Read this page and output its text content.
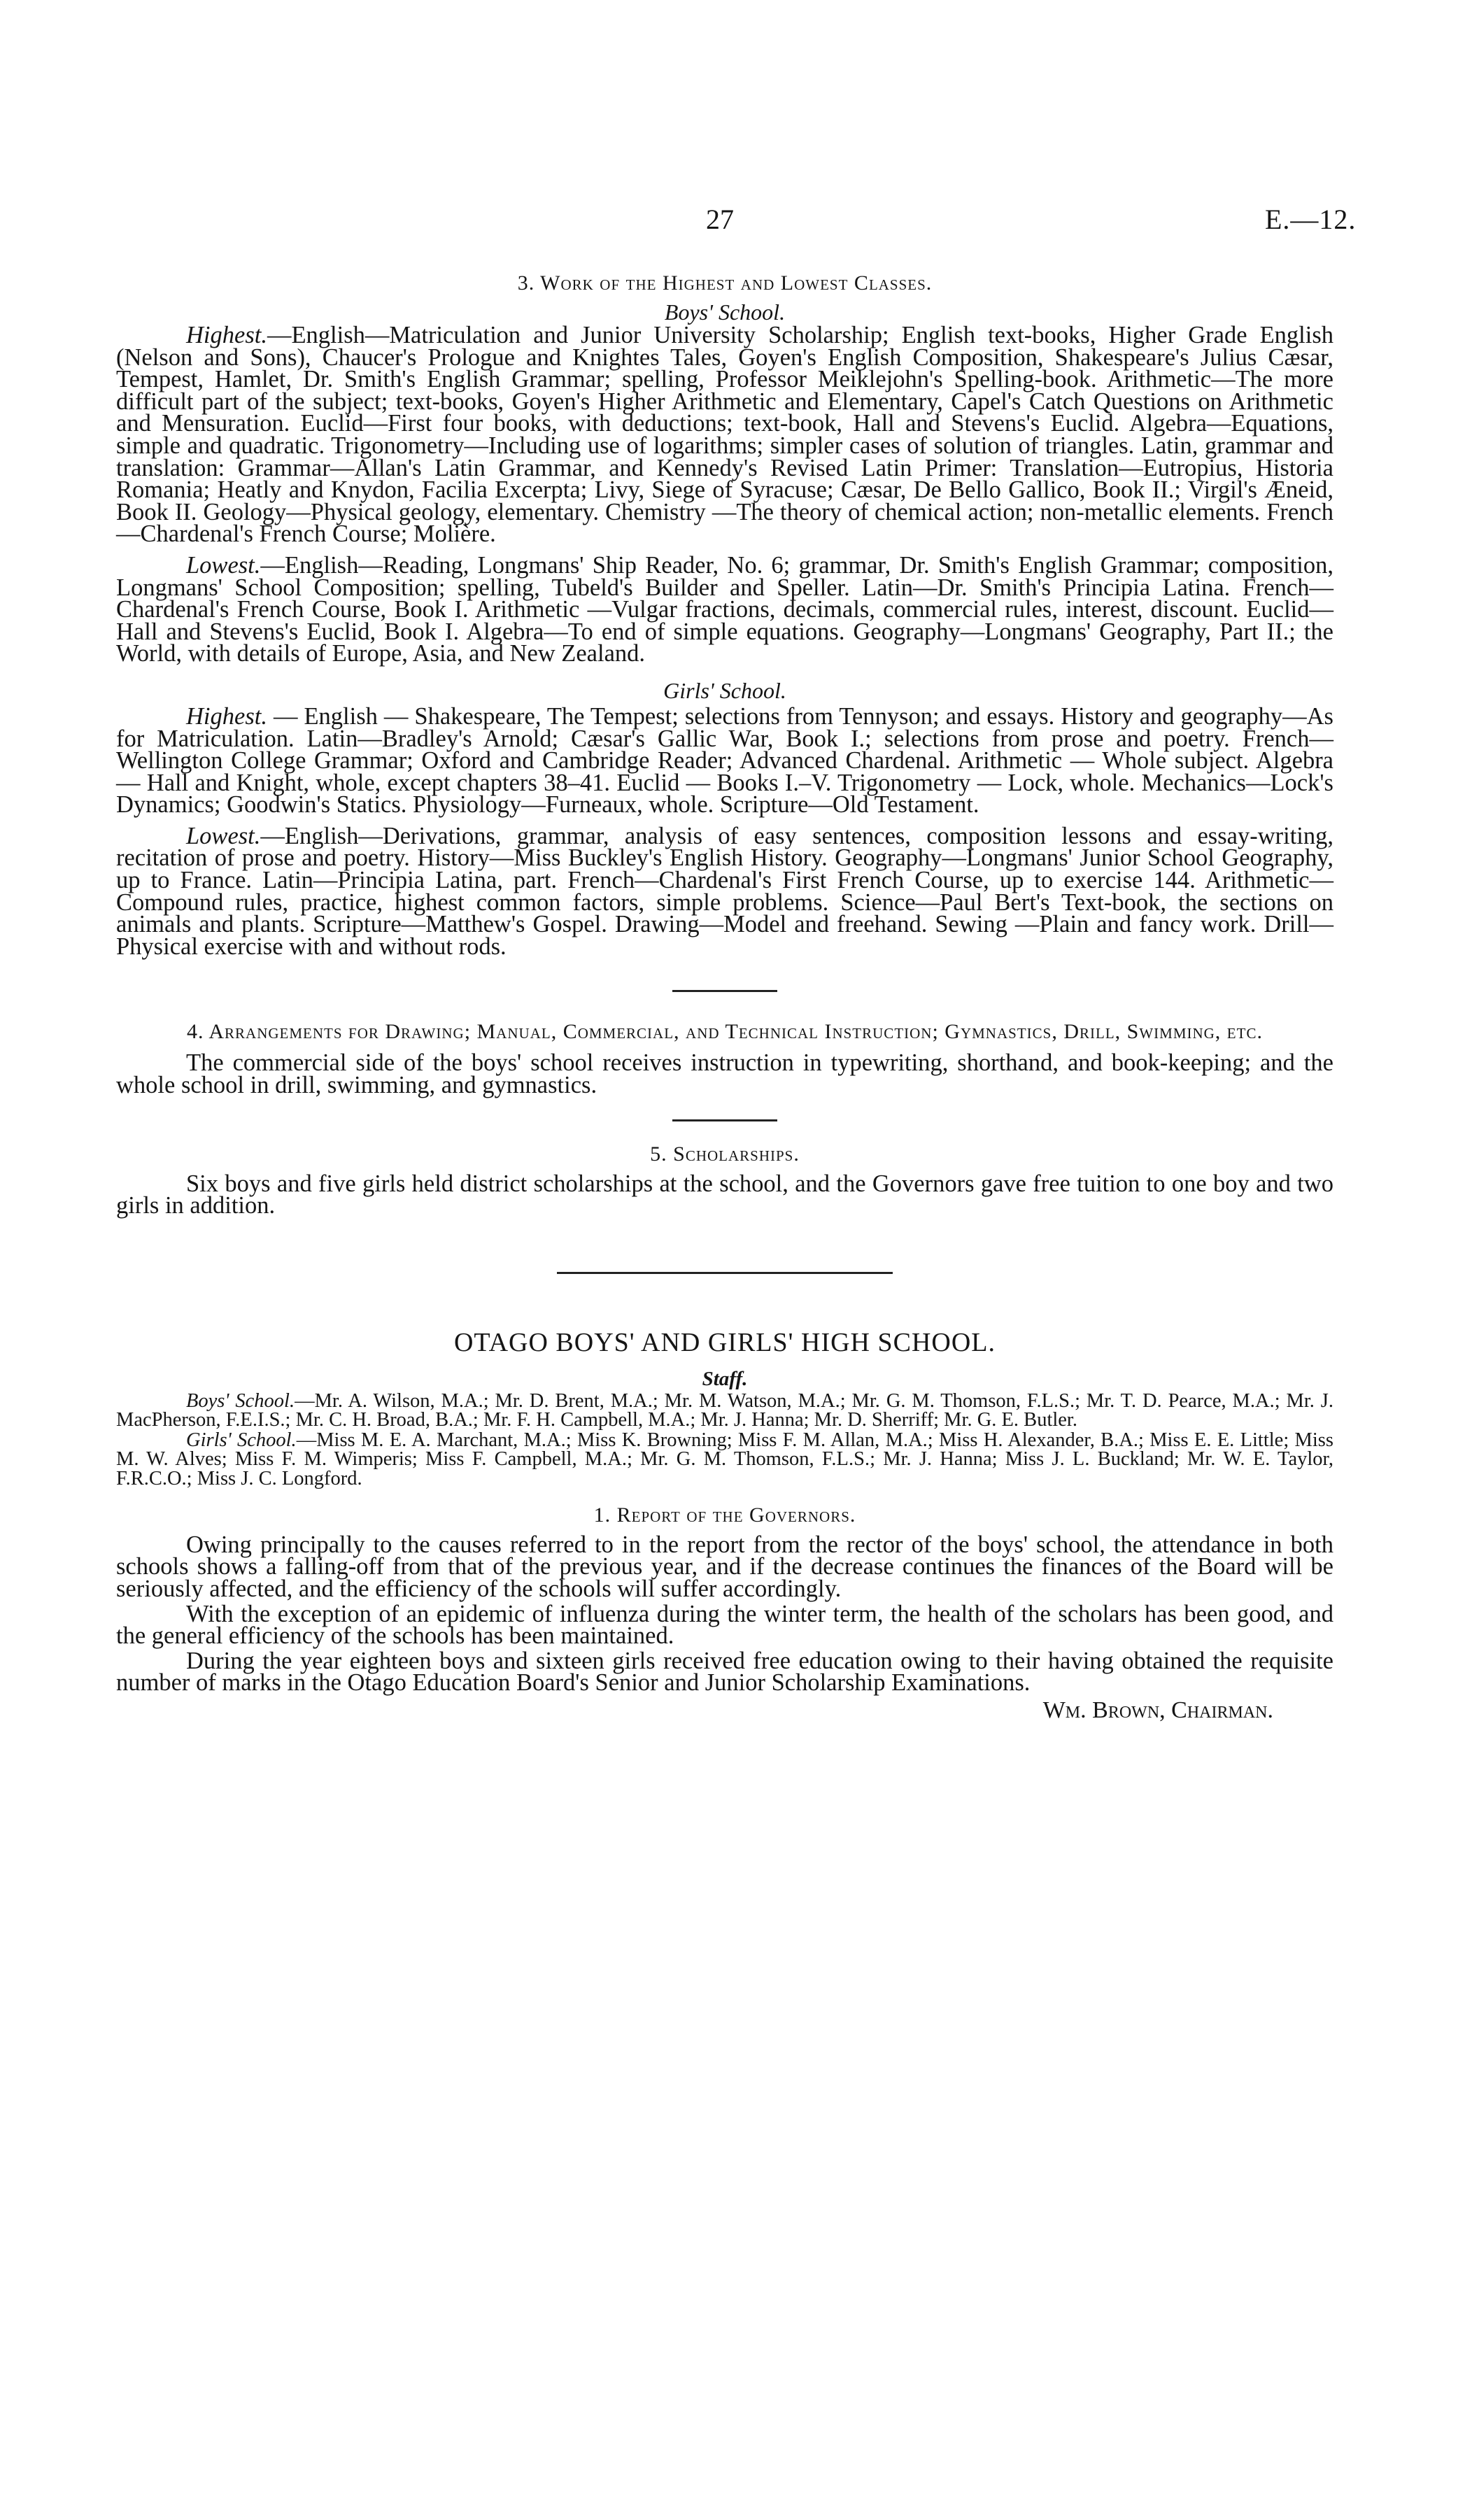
27	E.—12.
3. Work of the Highest and Lowest Classes.
Boys' School.

Highest.—English—Matriculation and Junior University Scholarship; English text-books, Higher Grade English (Nelson and Sons), Chaucer's Prologue and Knightes Tales, Goyen's English Composition, Shakespeare's Julius Cæsar, Tempest, Hamlet, Dr. Smith's English Grammar; spelling, Professor Meiklejohn's Spelling-book. Arithmetic—The more difficult part of the subject; text-books, Goyen's Higher Arithmetic and Elementary, Capel's Catch Questions on Arithmetic and Mensuration. Euclid—First four books, with deductions; text-book, Hall and Stevens's Euclid. Algebra—Equations, simple and quadratic. Trigonometry—Including use of logarithms; simpler cases of solution of triangles. Latin, grammar and translation: Grammar—Allan's Latin Grammar, and Kennedy's Revised Latin Primer: Translation—Eutropius, Historia Romania; Heatly and Knydon, Facilia Excerpta; Livy, Siege of Syracuse; Cæsar, De Bello Gallico, Book II.; Virgil's Æneid, Book II. Geology—Physical geology, elementary. Chemistry —The theory of chemical action; non-metallic elements. French—Chardenal's French Course; Molière.

Lowest.—English—Reading, Longmans' Ship Reader, No. 6; grammar, Dr. Smith's English Grammar; composition, Longmans' School Composition; spelling, Tubeld's Builder and Speller. Latin—Dr. Smith's Principia Latina. French—Chardenal's French Course, Book I. Arithmetic —Vulgar fractions, decimals, commercial rules, interest, discount. Euclid—Hall and Stevens's Euclid, Book I. Algebra—To end of simple equations. Geography—Longmans' Geography, Part II.; the World, with details of Europe, Asia, and New Zealand.

Girls' School.

Highest. — English — Shakespeare, The Tempest; selections from Tennyson; and essays. History and geography—As for Matriculation. Latin—Bradley's Arnold; Cæsar's Gallic War, Book I.; selections from prose and poetry. French—Wellington College Grammar; Oxford and Cambridge Reader; Advanced Chardenal. Arithmetic — Whole subject. Algebra — Hall and Knight, whole, except chapters 38–41. Euclid — Books I.–V. Trigonometry — Lock, whole. Mechanics—Lock's Dynamics; Goodwin's Statics. Physiology—Furneaux, whole. Scripture—Old Testament.

Lowest.—English—Derivations, grammar, analysis of easy sentences, composition lessons and essay-writing, recitation of prose and poetry. History—Miss Buckley's English History. Geography—Longmans' Junior School Geography, up to France. Latin—Principia Latina, part. French—Chardenal's First French Course, up to exercise 144. Arithmetic—Compound rules, practice, highest common factors, simple problems. Science—Paul Bert's Text-book, the sections on animals and plants. Scripture—Matthew's Gospel. Drawing—Model and freehand. Sewing —Plain and fancy work. Drill—Physical exercise with and without rods.

4. Arrangements for Drawing; Manual, Commercial, and Technical Instruction; Gymnastics, Drill, Swimming, etc.

The commercial side of the boys' school receives instruction in typewriting, shorthand, and book-keeping; and the whole school in drill, swimming, and gymnastics.

5. Scholarships.

Six boys and five girls held district scholarships at the school, and the Governors gave free tuition to one boy and two girls in addition.

OTAGO BOYS' AND GIRLS' HIGH SCHOOL.
Staff.

Boys' School.—Mr. A. Wilson, M.A.; Mr. D. Brent, M.A.; Mr. M. Watson, M.A.; Mr. G. M. Thomson, F.L.S.; Mr. T. D. Pearce, M.A.; Mr. J. MacPherson, F.E.I.S.; Mr. C. H. Broad, B.A.; Mr. F. H. Campbell, M.A.; Mr. J. Hanna; Mr. D. Sherriff; Mr. G. E. Butler.

Girls' School.—Miss M. E. A. Marchant, M.A.; Miss K. Browning; Miss F. M. Allan, M.A.; Miss H. Alexander, B.A.; Miss E. E. Little; Miss M. W. Alves; Miss F. M. Wimperis; Miss F. Campbell, M.A.; Mr. G. M. Thomson, F.L.S.; Mr. J. Hanna; Miss J. L. Buckland; Mr. W. E. Taylor, F.R.C.O.; Miss J. C. Longford.

1. Report of the Governors.

Owing principally to the causes referred to in the report from the rector of the boys' school, the attendance in both schools shows a falling-off from that of the previous year, and if the decrease continues the finances of the Board will be seriously affected, and the efficiency of the schools will suffer accordingly.

With the exception of an epidemic of influenza during the winter term, the health of the scholars has been good, and the general efficiency of the schools has been maintained.

During the year eighteen boys and sixteen girls received free education owing to their having obtained the requisite number of marks in the Otago Education Board's Senior and Junior Scholarship Examinations.

Wm. Brown, Chairman.
